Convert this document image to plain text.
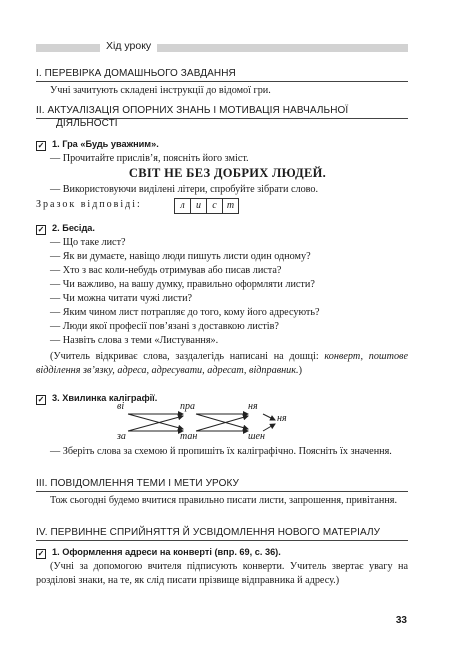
Хід уроку
І. ПЕРЕВІРКА ДОМАШНЬОГО ЗАВДАННЯ
Учні зачитують складені інструкції до відомої гри.
ІІ. АКТУАЛІЗАЦІЯ ОПОРНИХ ЗНАНЬ І МОТИВАЦІЯ НАВЧАЛЬНОЇ
ДІЯЛЬНОСТІ
✓ 1. Гра «Будь уважним».
— Прочитайте прислів’я, поясніть його зміст.
СВІТ НЕ БЕЗ ДОБРИХ ЛЮДЕЙ.
— Використовуючи виділені літери, спробуйте зібрати слово.
Зразок відповіді:	л	и	с	т
✓ 2. Бесіда.
— Що таке лист?
— Як ви думаєте, навіщо люди пишуть листи один одному?
— Хто з вас коли-небудь отримував або писав листа?
— Чи важливо, на вашу думку, правильно оформляти листи?
— Чи можна читати чужі листи?
— Яким чином лист потрапляє до того, кому його адресують?
— Люди якої професії пов’язані з доставкою листів?
— Назвіть слова з теми «Листування».
(Учитель відкриває слова, заздалегідь написані на дошці: конверт, поштове відділення зв’язку, адреса, адресувати, адресат, відправник.)
✓ 3. Хвилинка каліграфії.
ві
за
пра
тан
ня
шен
ня
— Зберіть слова за схемою й пропишіть їх каліграфічно. Поясніть їх значення.
ІІІ. ПОВІДОМЛЕННЯ ТЕМИ І МЕТИ УРОКУ
Тож сьогодні будемо вчитися правильно писати листи, запрошення, привітання.
IV. ПЕРВИННЕ СПРИЙНЯТТЯ Й УСВІДОМЛЕННЯ НОВОГО МАТЕРІАЛУ
✓ 1. Оформлення адреси на конверті (впр. 69, с. 36).
(Учні за допомогою вчителя підписують конверти. Учитель звертає увагу на розділові знаки, на те, як слід писати прізвище відправника й адресу.)
33
